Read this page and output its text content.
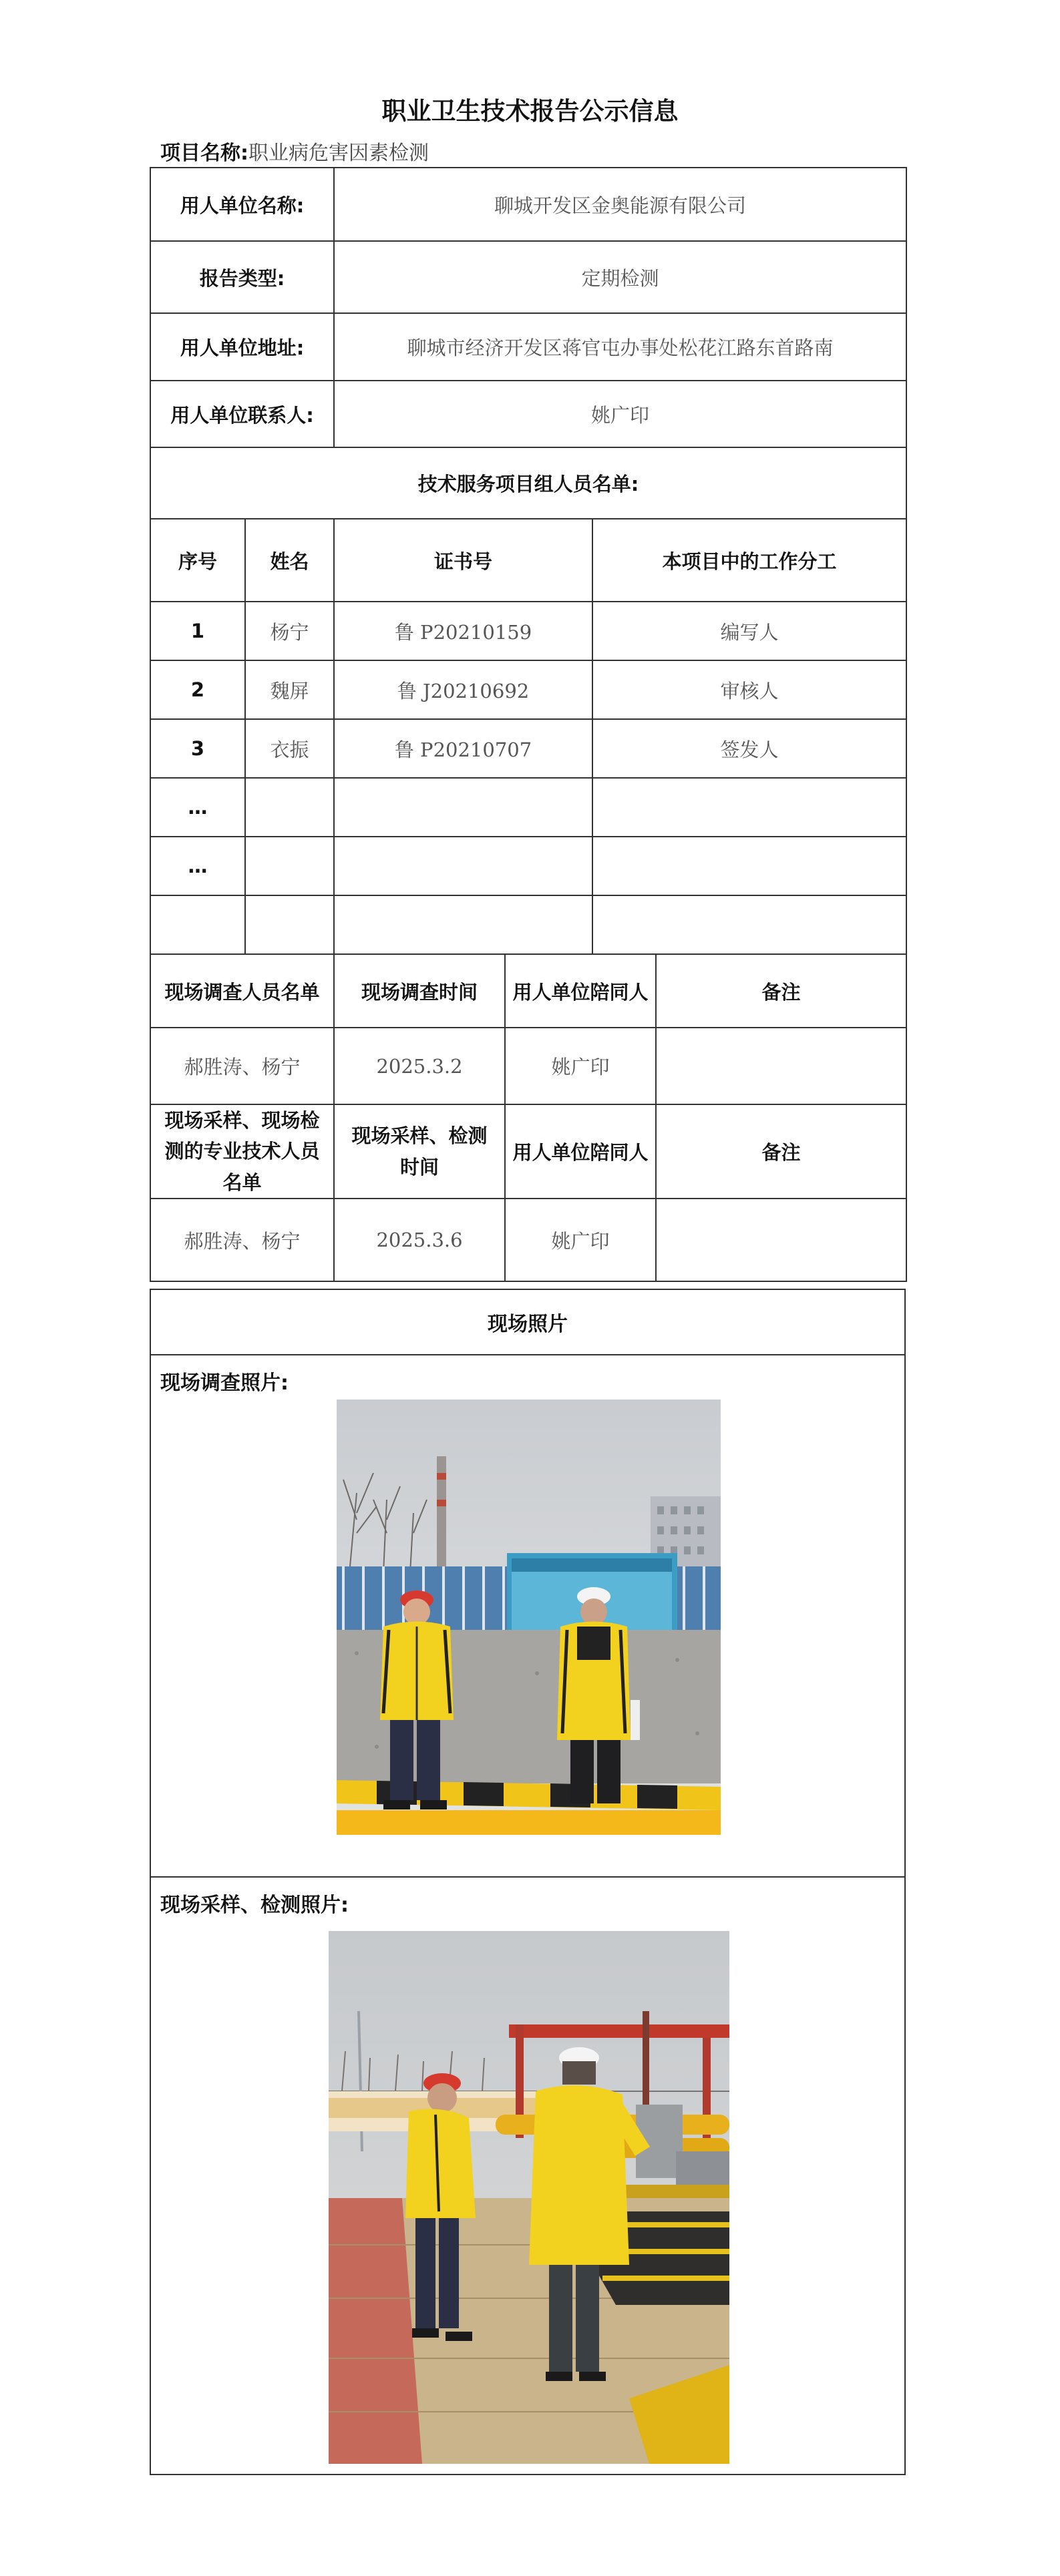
职业卫生技术报告公示信息
项目名称:职业病危害因素检测
用人单位名称:		聊城开发区金奥能源有限公司			
报告类型:		定期检测			
用人单位地址:		聊城市经济开发区蒋官屯办事处松花江路东首路南			
用人单位联系人:		姚广印			
技术服务项目组人员名单:					
序号	姓名	证书号		本项目中的工作分工	
1	杨宁	鲁 P20210159		编写人	
2	魏屏	鲁 J20210692		审核人	
3	衣振	鲁 P20210707		签发人	
…					
…					

现场调查人员名单		现场调查时间	用人单位陪同人		备注
郝胜涛、杨宁		2025.3.2	姚广印		
现场采样、现场检测的专业技术人员名单		现场采样、检测时间	用人单位陪同人		备注
郝胜涛、杨宁		2025.3.6	姚广印		
现场照片
现场调查照片:
现场采样、检测照片:
